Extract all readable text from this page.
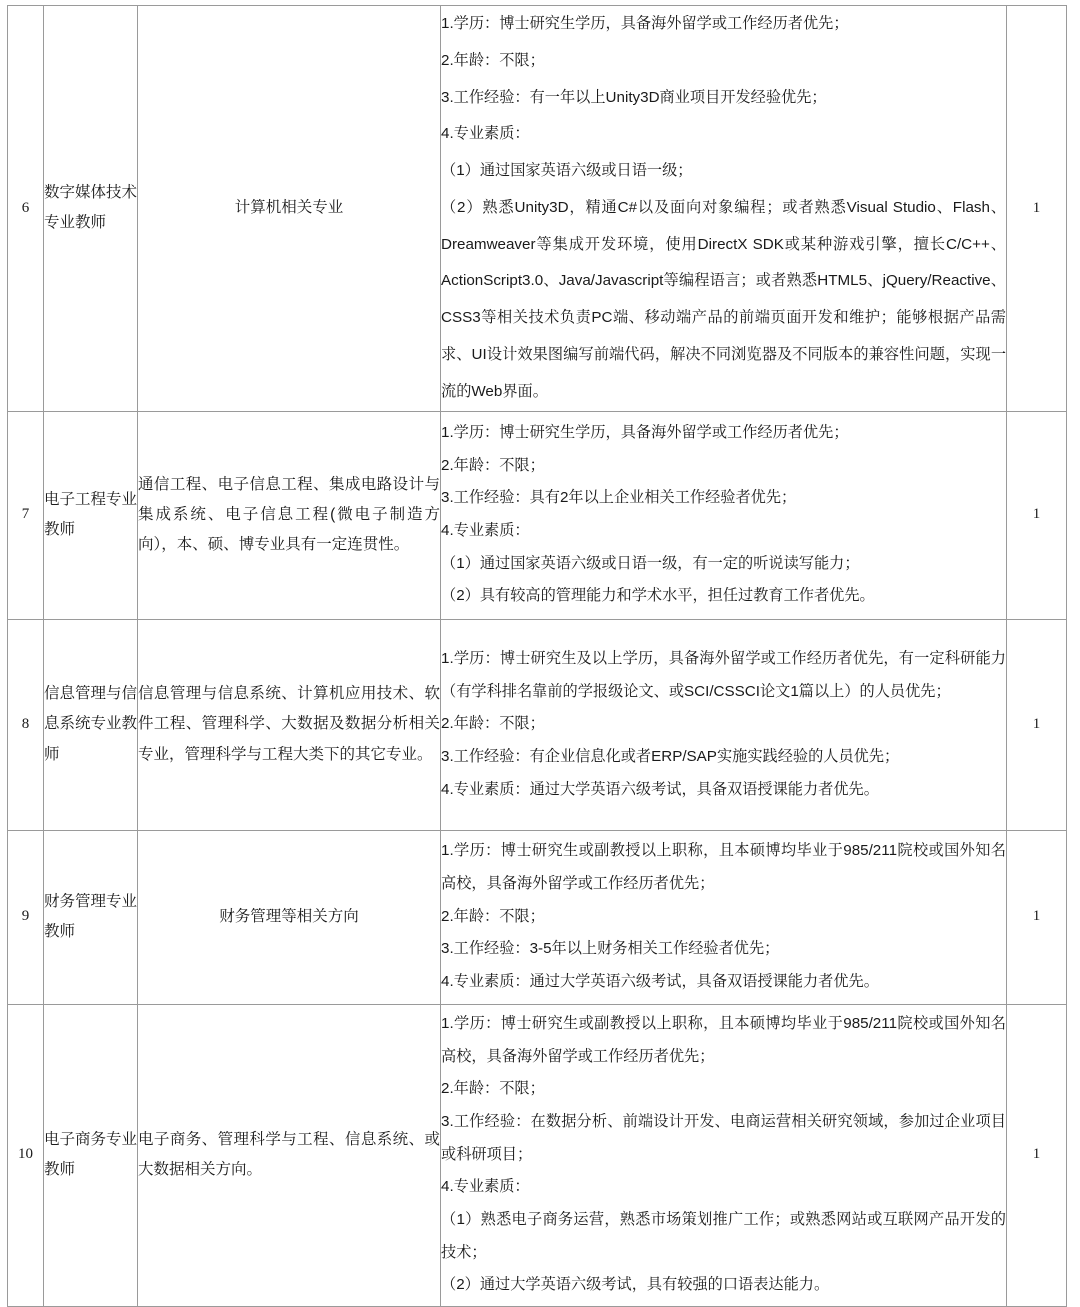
6	数字媒体技术专业教师	计算机相关专业	

1.学历：博士研究生学历，具备海外留学或工作经历者优先；

2.年龄：不限；

3.工作经验：有一年以上Unity3D商业项目开发经验优先；

4.专业素质：

（1）通过国家英语六级或日语一级；

（2）熟悉Unity3D，精通C#以及面向对象编程；或者熟悉Visual Studio、Flash、Dreamweaver等集成开发环境，使用DirectX SDK或某种游戏引擎，擅长C/C++、ActionScript3.0、Java/Javascript等编程语言；或者熟悉HTML5、jQuery/Reactive、CSS3等相关技术负责PC端、移动端产品的前端页面开发和维护；能够根据产品需求、UI设计效果图编写前端代码，解决不同浏览器及不同版本的兼容性问题，实现一流的Web界面。

	1
7	电子工程专业教师	通信工程、电子信息工程、集成电路设计与集成系统、电子信息工程(微电子制造方向），本、硕、博专业具有一定连贯性。	

1.学历：博士研究生学历，具备海外留学或工作经历者优先；

2.年龄：不限；

3.工作经验：具有2年以上企业相关工作经验者优先；

4.专业素质：

（1）通过国家英语六级或日语一级，有一定的听说读写能力；

（2）具有较高的管理能力和学术水平，担任过教育工作者优先。

	1
8	信息管理与信息系统专业教师	信息管理与信息系统、计算机应用技术、软件工程、管理科学、大数据及数据分析相关专业，管理科学与工程大类下的其它专业。	1.学历：博士研究生及以上学历，具备海外留学或工作经历者优先，有一定科研能力（有学科排名靠前的学报级论文、或SCI/CSSCI论文1篇以上）的人员优先；

2.年龄：不限；

3.工作经验：有企业信息化或者ERP/SAP实施实践经验的人员优先；

4.专业素质：通过大学英语六级考试，具备双语授课能力者优先。	1
9	财务管理专业教师	财务管理等相关方向	1.学历：博士研究生或副教授以上职称，且本硕博均毕业于985/211院校或国外知名高校，具备海外留学或工作经历者优先；

2.年龄：不限；

3.工作经验：3-5年以上财务相关工作经验者优先；

4.专业素质：通过大学英语六级考试，具备双语授课能力者优先。	1
10	电子商务专业教师	电子商务、管理科学与工程、信息系统、或大数据相关方向。	

1.学历：博士研究生或副教授以上职称，且本硕博均毕业于985/211院校或国外知名高校，具备海外留学或工作经历者优先；

2.年龄：不限；

3.工作经验：在数据分析、前端设计开发、电商运营相关研究领域，参加过企业项目或科研项目；

4.专业素质：

（1）熟悉电子商务运营，熟悉市场策划推广工作；或熟悉网站或互联网产品开发的技术；

（2）通过大学英语六级考试，具有较强的口语表达能力。

	1
